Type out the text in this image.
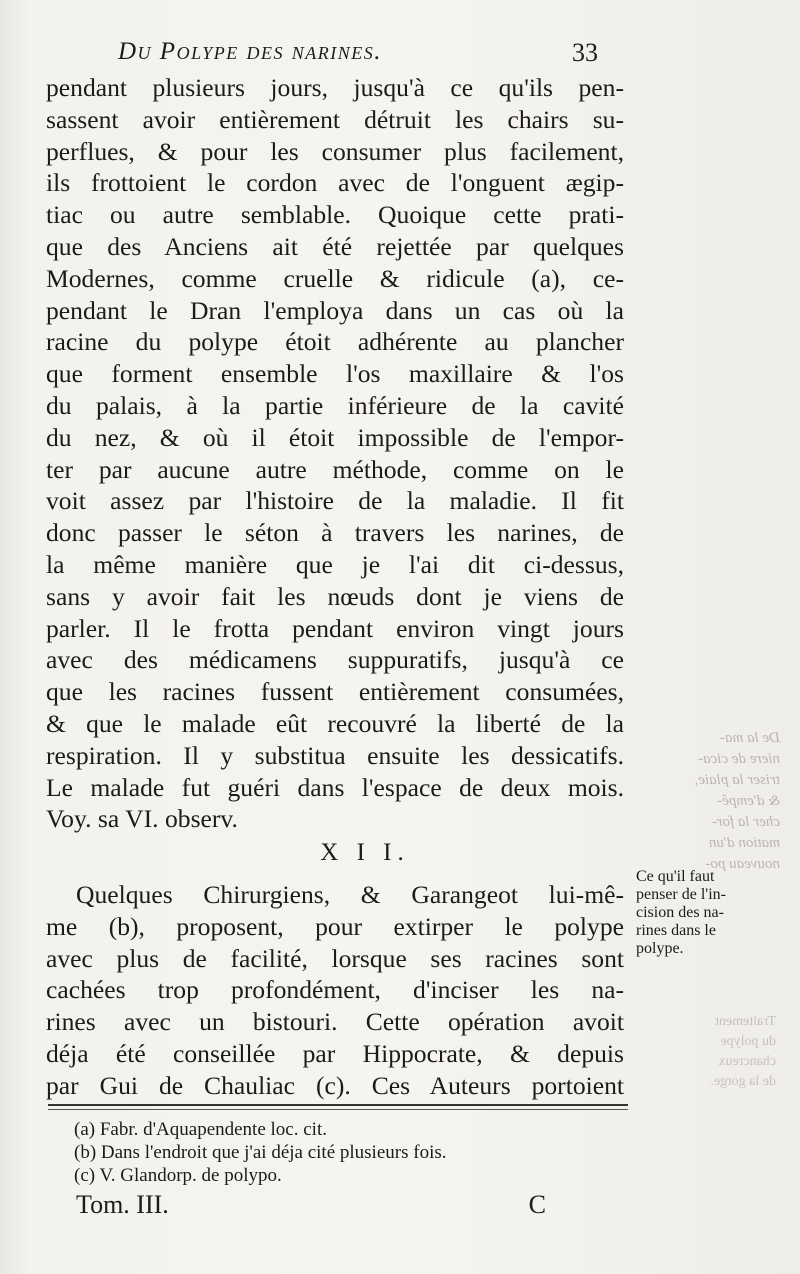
Du Polype des narines.	33
pendant plusieurs jours, jusqu'à ce qu'ils pen-
sassent avoir entièrement détruit les chairs su-
perflues, & pour les consumer plus facilement,
ils frottoient le cordon avec de l'onguent ægip-
tiac ou autre semblable. Quoique cette prati-
que des Anciens ait été rejettée par quelques
Modernes, comme cruelle & ridicule (a), ce-
pendant le Dran l'employa dans un cas où la
racine du polype étoit adhérente au plancher
que forment ensemble l'os maxillaire & l'os
du palais, à la partie inférieure de la cavité
du nez, & où il étoit impossible de l'empor-
ter par aucune autre méthode, comme on le
voit assez par l'histoire de la maladie. Il fit
donc passer le séton à travers les narines, de
la même manière que je l'ai dit ci-dessus,
sans y avoir fait les nœuds dont je viens de
parler. Il le frotta pendant environ vingt jours
avec des médicamens suppuratifs, jusqu'à ce
que les racines fussent entièrement consumées,
& que le malade eût recouvré la liberté de la
respiration. Il y substitua ensuite les dessicatifs.
Le malade fut guéri dans l'espace de deux mois.
Voy. sa VI. observ.
X I I.
Quelques Chirurgiens, & Garangeot lui-mê-
me (b), proposent, pour extirper le polype
avec plus de facilité, lorsque ses racines sont
cachées trop profondément, d'inciser les na-
rines avec un bistouri. Cette opération avoit
déja été conseillée par Hippocrate, & depuis
par Gui de Chauliac (c). Ces Auteurs portoient
De la ma-
niere de cica-
triser la plaie,
& d'empê-
cher la for-
mation d'un
nouveau po-
Ce qu'il faut
penser de l'in-
cision des na-
rines dans le
polype.
Traitement
du polype
chancreux
de la gorge.
(a) Fabr. d'Aquapendente loc. cit.
(b) Dans l'endroit que j'ai déja cité plusieurs fois.
(c) V. Glandorp. de polypo.
Tom. III.	C
